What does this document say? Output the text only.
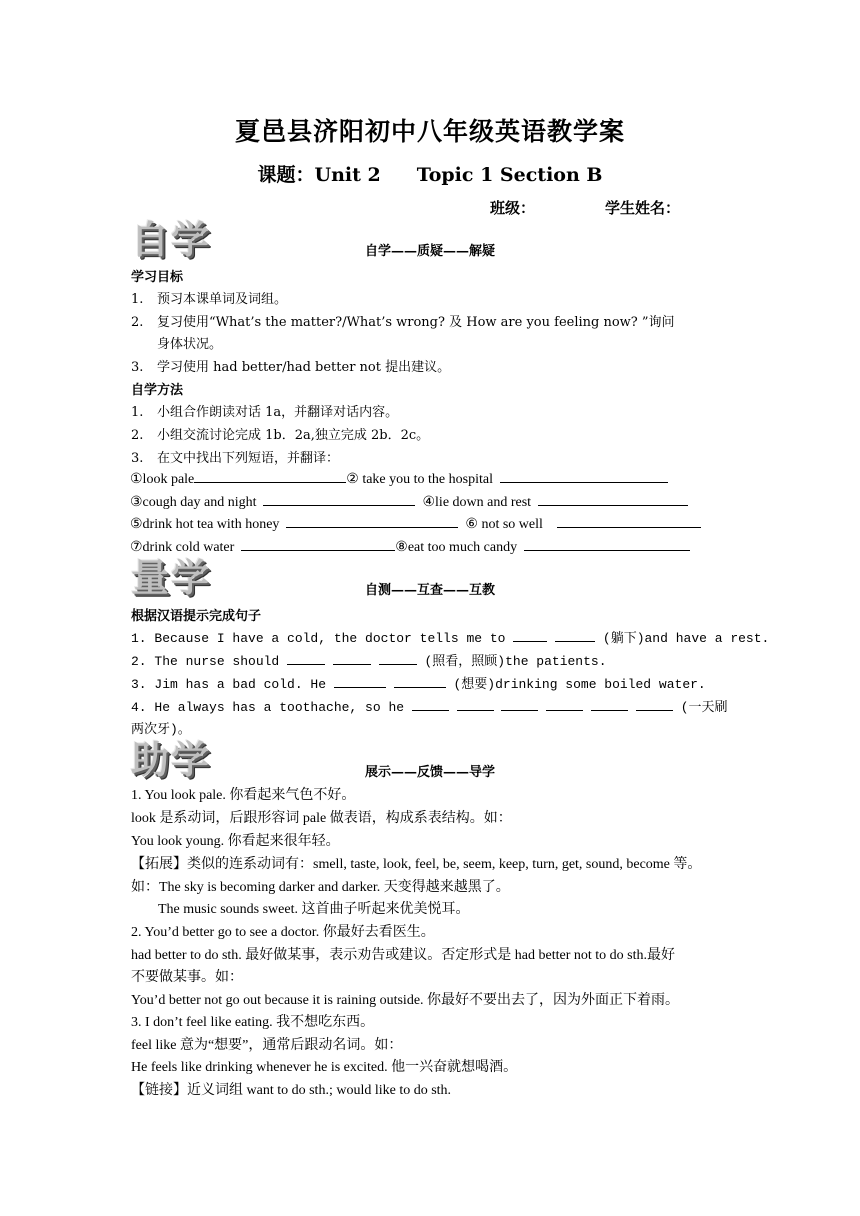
夏邑县济阳初中八年级英语教学案
课题：Unit 2 Topic 1 Section B
班级：	学生姓名：
自学	自学——质疑——解疑
学习目标
1. 预习本课单词及词组。
2. 复习使用“What’s the matter?/What’s wrong? 及 How are you feeling now? ”询问
身体状况。
3. 学习使用 had better/had better not 提出建议。
自学方法
1. 小组合作朗读对话 1a，并翻译对话内容。
2. 小组交流讨论完成 1b．2a,独立完成 2b．2c。
3. 在文中找出下列短语，并翻译：
①look pale	② take you to the hospital
③cough day and night	④lie down and rest
⑤drink hot tea with honey	⑥ not so well
⑦drink cold water	⑧eat too much candy
量学	自测——互查——互教
根据汉语提示完成句子
1. Because I have a cold, the doctor tells me to	(躺下)and have a rest.
2. The nurse should	(照看，照顾)the patients.
3. Jim has a bad cold. He	(想要)drinking some boiled water.
4. He always has a toothache, so he	(一天刷
两次牙)。
助学	展示——反馈——导学
1. You look pale. 你看起来气色不好。
look 是系动词，后跟形容词 pale 做表语，构成系表结构。如：
You look young. 你看起来很年轻。
【拓展】类似的连系动词有：smell, taste, look, feel, be, seem, keep, turn, get, sound, become 等。
如：The sky is becoming darker and darker. 天变得越来越黑了。
The music sounds sweet. 这首曲子听起来优美悦耳。
2. You’d better go to see a doctor. 你最好去看医生。
had better to do sth. 最好做某事，表示劝告或建议。否定形式是 had better not to do sth.最好
不要做某事。如：
You’d better not go out because it is raining outside. 你最好不要出去了，因为外面正下着雨。
3. I don’t feel like eating. 我不想吃东西。
feel like 意为“想要”，通常后跟动名词。如：
He feels like drinking whenever he is excited. 他一兴奋就想喝酒。
【链接】近义词组 want to do sth.; would like to do sth.
